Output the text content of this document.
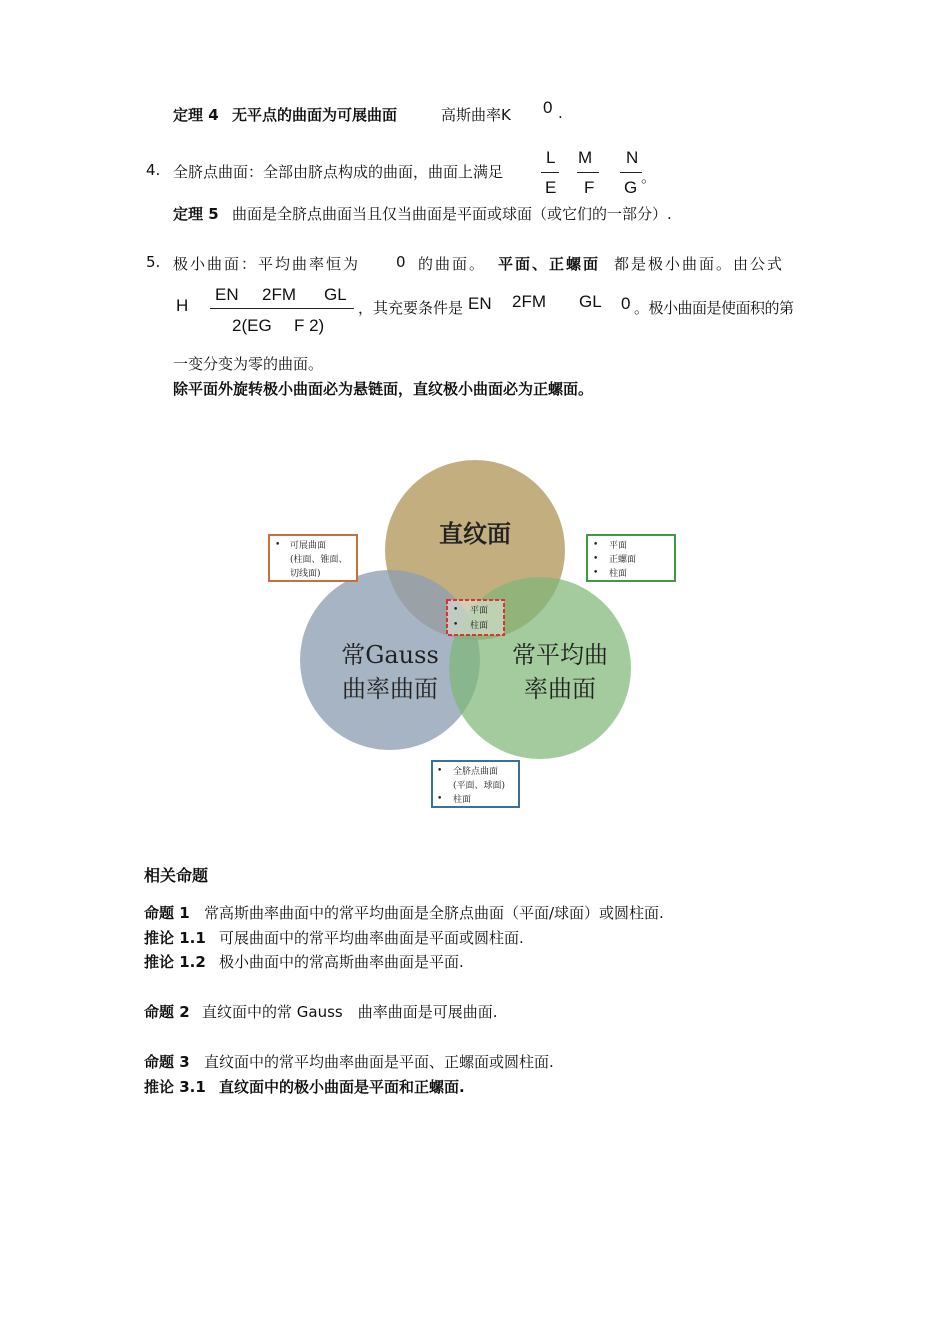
定理 4 无平点的曲面为可展曲面	高斯曲率K 0 .
4. 全脐点曲面：全部由脐点构成的曲面，曲面上满足
L
E
M
F
N
G
。
定理 5 曲面是全脐点曲面当且仅当曲面是平面或球面（或它们的一部分）.
5. 极小曲面：平均曲率恒为 0 的曲面。 平面、正螺面 都是极小曲面。由公式
H
EN 2FM GL
2(EG F 2)
，其充要条件是 EN 2FM GL 0 。极小曲面是使面积的第
一变分变为零的曲面。
除平面外旋转极小曲面必为悬链面，直纹极小曲面必为正螺面。
直纹面
常Gauss
曲率曲面
常平均曲
率曲面
• 可展曲面
(柱面、锥面、
切线面)
• 平面
• 正螺面
• 柱面
• 平面
• 柱面
• 全脐点曲面
(平面、球面)
• 柱面
相关命题
命题 1 常高斯曲率曲面中的常平均曲面是全脐点曲面（平面/球面）或圆柱面.
推论 1.1 可展曲面中的常平均曲率曲面是平面或圆柱面.
推论 1.2 极小曲面中的常高斯曲率曲面是平面.
命题 2 直纹面中的常 Gauss　曲率曲面是可展曲面.
命题 3 直纹面中的常平均曲率曲面是平面、正螺面或圆柱面.
推论 3.1 直纹面中的极小曲面是平面和正螺面.
